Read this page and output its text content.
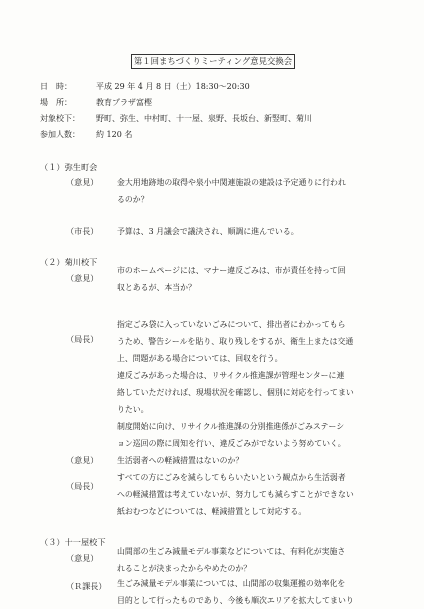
第１回まちづくりミーティング意見交換会
日　時：	平成 29 年 4 月 8 日（土）18:30～20:30
場　所：	教育プラザ富樫
対象校下： 野町、弥生、中村町、十一屋、泉野、長坂台、新竪町、菊川
参加人数： 約 120 名
（１）弥生町会
（意見） 金大用地跡地の取得や泉小中関連施設の建設は予定通りに行われ
るのか？
（市長） 予算は、3 月議会で議決され、順調に進んでいる。
（２）菊川校下
（意見）
市のホームページには、マナー違反ごみは、市が責任を持って回
収とあるが、本当か？
（局長）
指定ごみ袋に入っていないごみについて、排出者にわかってもら
うため、警告シールを貼り、取り残しをするが、衛生上または交通
上、問題がある場合については、回収を行う。
違反ごみがあった場合は、リサイクル推進課が管理センターに連
絡していただければ、現場状況を確認し、個別に対応を行ってまい
りたい。
制度開始に向け、リサイクル推進課の分別推進係がごみステーシ
ョン巡回の際に周知を行い、違反ごみがでないよう努めていく。
（意見） 生活弱者への軽減措置はないのか？
（局長）
すべての方にごみを減らしてもらいたいという観点から生活弱者
への軽減措置は考えていないが、努力しても減らすことができない
紙おむつなどについては、軽減措置として対応する。
（３）十一屋校下
（意見）
山間部の生ごみ減量モデル事業などについては、有料化が実施さ
れることが決まったからやめたのか？
（Ｒ課長） 生ごみ減量モデル事業については、山間部の収集運搬の効率化を
目的として行ったものであり、今後も順次エリアを拡大してまいり
